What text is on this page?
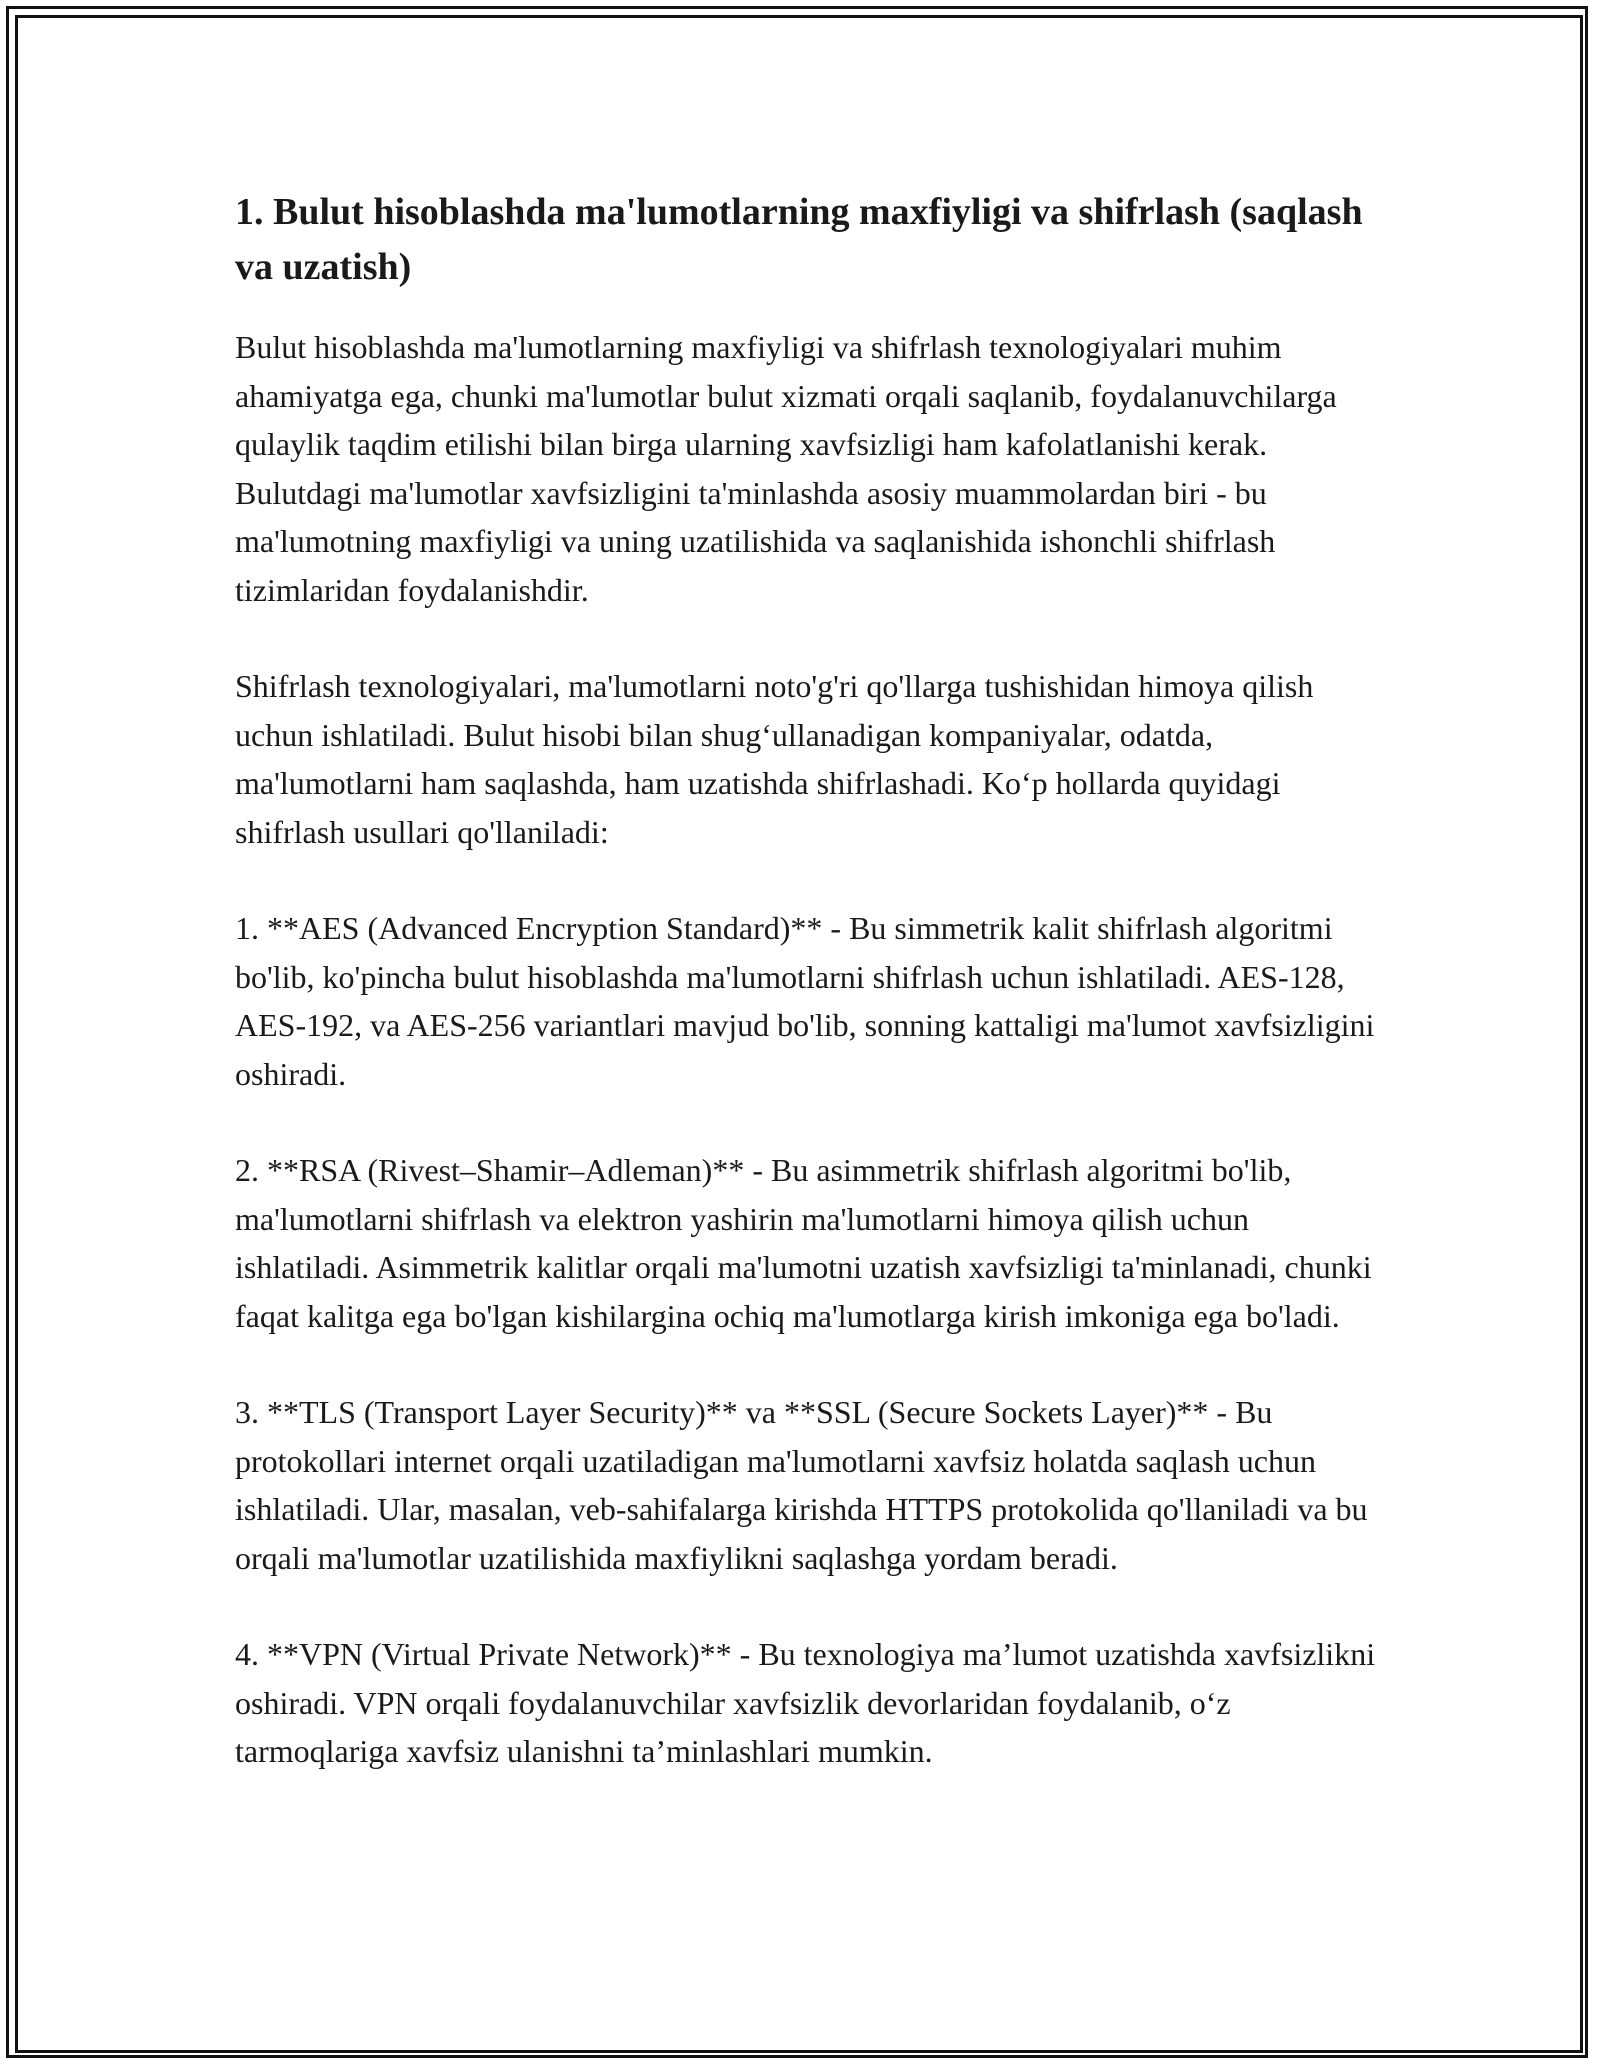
1. Bulut hisoblashda ma'lumotlarning maxfiyligi va shifrlash (saqlash va uzatish)

Bulut hisoblashda ma'lumotlarning maxfiyligi va shifrlash texnologiyalari muhim ahamiyatga ega, chunki ma'lumotlar bulut xizmati orqali saqlanib, foydalanuvchilarga qulaylik taqdim etilishi bilan birga ularning xavfsizligi ham kafolatlanishi kerak. Bulutdagi ma'lumotlar xavfsizligini ta'minlashda asosiy muammolardan biri - bu ma'lumotning maxfiyligi va uning uzatilishida va saqlanishida ishonchli shifrlash tizimlaridan foydalanishdir.

Shifrlash texnologiyalari, ma'lumotlarni noto'g'ri qo'llarga tushishidan himoya qilish uchun ishlatiladi. Bulut hisobi bilan shug‘ullanadigan kompaniyalar, odatda, ma'lumotlarni ham saqlashda, ham uzatishda shifrlashadi. Ko‘p hollarda quyidagi shifrlash usullari qo'llaniladi:

1. **AES (Advanced Encryption Standard)** - Bu simmetrik kalit shifrlash algoritmi bo'lib, ko'pincha bulut hisoblashda ma'lumotlarni shifrlash uchun ishlatiladi. AES-128, AES-192, va AES-256 variantlari mavjud bo'lib, sonning kattaligi ma'lumot xavfsizligini oshiradi.

2. **RSA (Rivest–Shamir–Adleman)** - Bu asimmetrik shifrlash algoritmi bo'lib, ma'lumotlarni shifrlash va elektron yashirin ma'lumotlarni himoya qilish uchun ishlatiladi. Asimmetrik kalitlar orqali ma'lumotni uzatish xavfsizligi ta'minlanadi, chunki faqat kalitga ega bo'lgan kishilargina ochiq ma'lumotlarga kirish imkoniga ega bo'ladi.

3. **TLS (Transport Layer Security)** va **SSL (Secure Sockets Layer)** - Bu protokollari internet orqali uzatiladigan ma'lumotlarni xavfsiz holatda saqlash uchun ishlatiladi. Ular, masalan, veb-sahifalarga kirishda HTTPS protokolida qo'llaniladi va bu orqali ma'lumotlar uzatilishida maxfiylikni saqlashga yordam beradi.

4. **VPN (Virtual Private Network)** - Bu texnologiya ma’lumot uzatishda xavfsizlikni oshiradi. VPN orqali foydalanuvchilar xavfsizlik devorlaridan foydalanib, o‘z tarmoqlariga xavfsiz ulanishni ta’minlashlari mumkin.
